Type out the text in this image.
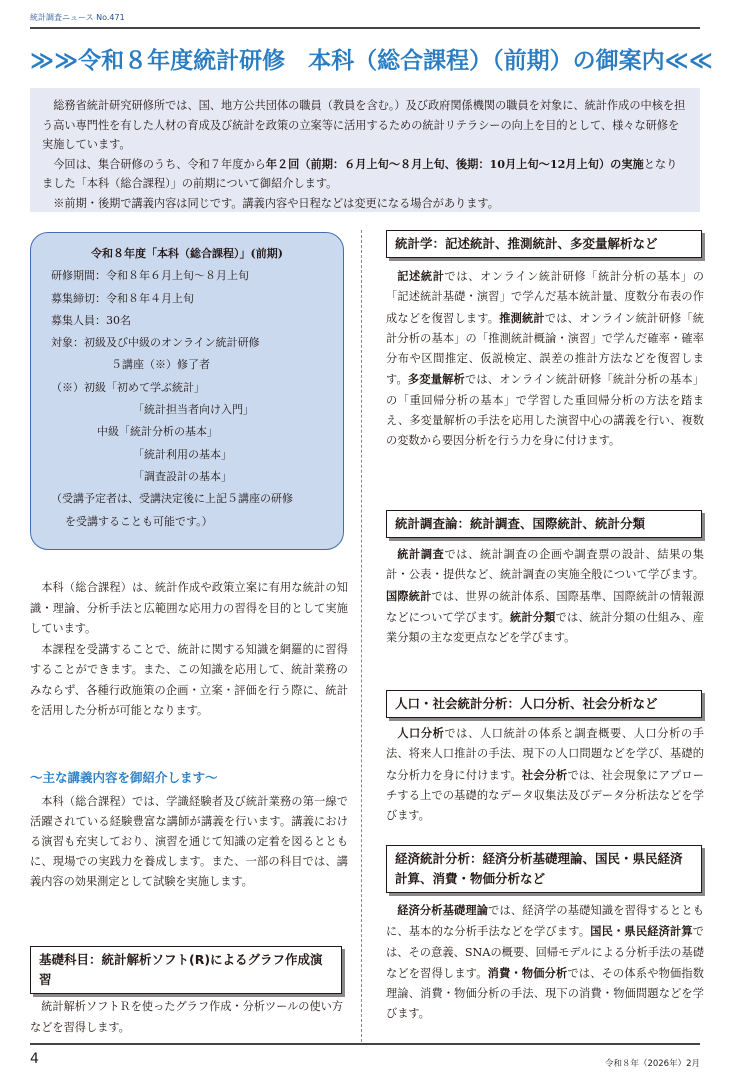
統計調査ニュース No.471
≫≫令和８年度統計研修　本科（総合課程）（前期）の御案内≪≪

総務省統計研究研修所では、国、地方公共団体の職員（教員を含む。）及び政府関係機関の職員を対象に、統計作成の中核を担う高い専門性を有した人材の育成及び統計を政策の立案等に活用するための統計リテラシーの向上を目的として、様々な研修を実施しています。

今回は、集合研修のうち、令和７年度から年２回（前期：６月上旬～８月上旬、後期：10月上旬～12月上旬）の実施となりました「本科（総合課程）」の前期について御紹介します。

※前期・後期で講義内容は同じです。講義内容や日程などは変更になる場合があります。

令和８年度「本科（総合課程）」(前期)
研修期間：令和８年６月上旬～８月上旬
募集締切：令和８年４月上旬
募集人員：30名
対象：初級及び中級のオンライン統計研修
５講座（※）修了者
（※）初級「初めて学ぶ統計」
「統計担当者向け入門」
中級「統計分析の基本」
「統計利用の基本」
「調査設計の基本」
（受講予定者は、受講決定後に上記５講座の研修
を受講することも可能です。）

本科（総合課程）は、統計作成や政策立案に有用な統計の知識・理論、分析手法と広範囲な応用力の習得を目的として実施しています。

本課程を受講することで、統計に関する知識を網羅的に習得することができます。また、この知識を応用して、統計業務のみならず、各種行政施策の企画・立案・評価を行う際に、統計を活用した分析が可能となります。

～主な講義内容を御紹介します～

本科（総合課程）では、学識経験者及び統計業務の第一線で活躍されている経験豊富な講師が講義を行います。講義における演習も充実しており、演習を通じて知識の定着を図るとともに、現場での実践力を養成します。また、一部の科目では、講義内容の効果測定として試験を実施します。

基礎科目：統計解析ソフト(R)によるグラフ作成演習

統計解析ソフトＲを使ったグラフ作成・分析ツールの使い方などを習得します。

統計学：記述統計、推測統計、多変量解析など

記述統計では、オンライン統計研修「統計分析の基本」の「記述統計基礎・演習」で学んだ基本統計量、度数分布表の作成などを復習します。推測統計では、オンライン統計研修「統計分析の基本」の「推測統計概論・演習」で学んだ確率・確率分布や区間推定、仮説検定、誤差の推計方法などを復習します。多変量解析では、オンライン統計研修「統計分析の基本」の「重回帰分析の基本」で学習した重回帰分析の方法を踏まえ、多変量解析の手法を応用した演習中心の講義を行い、複数の変数から要因分析を行う力を身に付けます。

統計調査論：統計調査、国際統計、統計分類

統計調査では、統計調査の企画や調査票の設計、結果の集計・公表・提供など、統計調査の実施全般について学びます。国際統計では、世界の統計体系、国際基準、国際統計の情報源などについて学びます。統計分類では、統計分類の仕組み、産業分類の主な変更点などを学びます。

人口・社会統計分析：人口分析、社会分析など

人口分析では、人口統計の体系と調査概要、人口分析の手法、将来人口推計の手法、現下の人口問題などを学び、基礎的な分析力を身に付けます。社会分析では、社会現象にアプローチする上での基礎的なデータ収集法及びデータ分析法などを学びます。

経済統計分析：経済分析基礎理論、国民・県民経済計算、消費・物価分析など

経済分析基礎理論では、経済学の基礎知識を習得するとともに、基本的な分析手法などを学びます。国民・県民経済計算では、その意義、SNAの概要、回帰モデルによる分析手法の基礎などを習得します。消費・物価分析では、その体系や物価指数理論、消費・物価分析の手法、現下の消費・物価問題などを学びます。

4	令和８年（2026年）2月
